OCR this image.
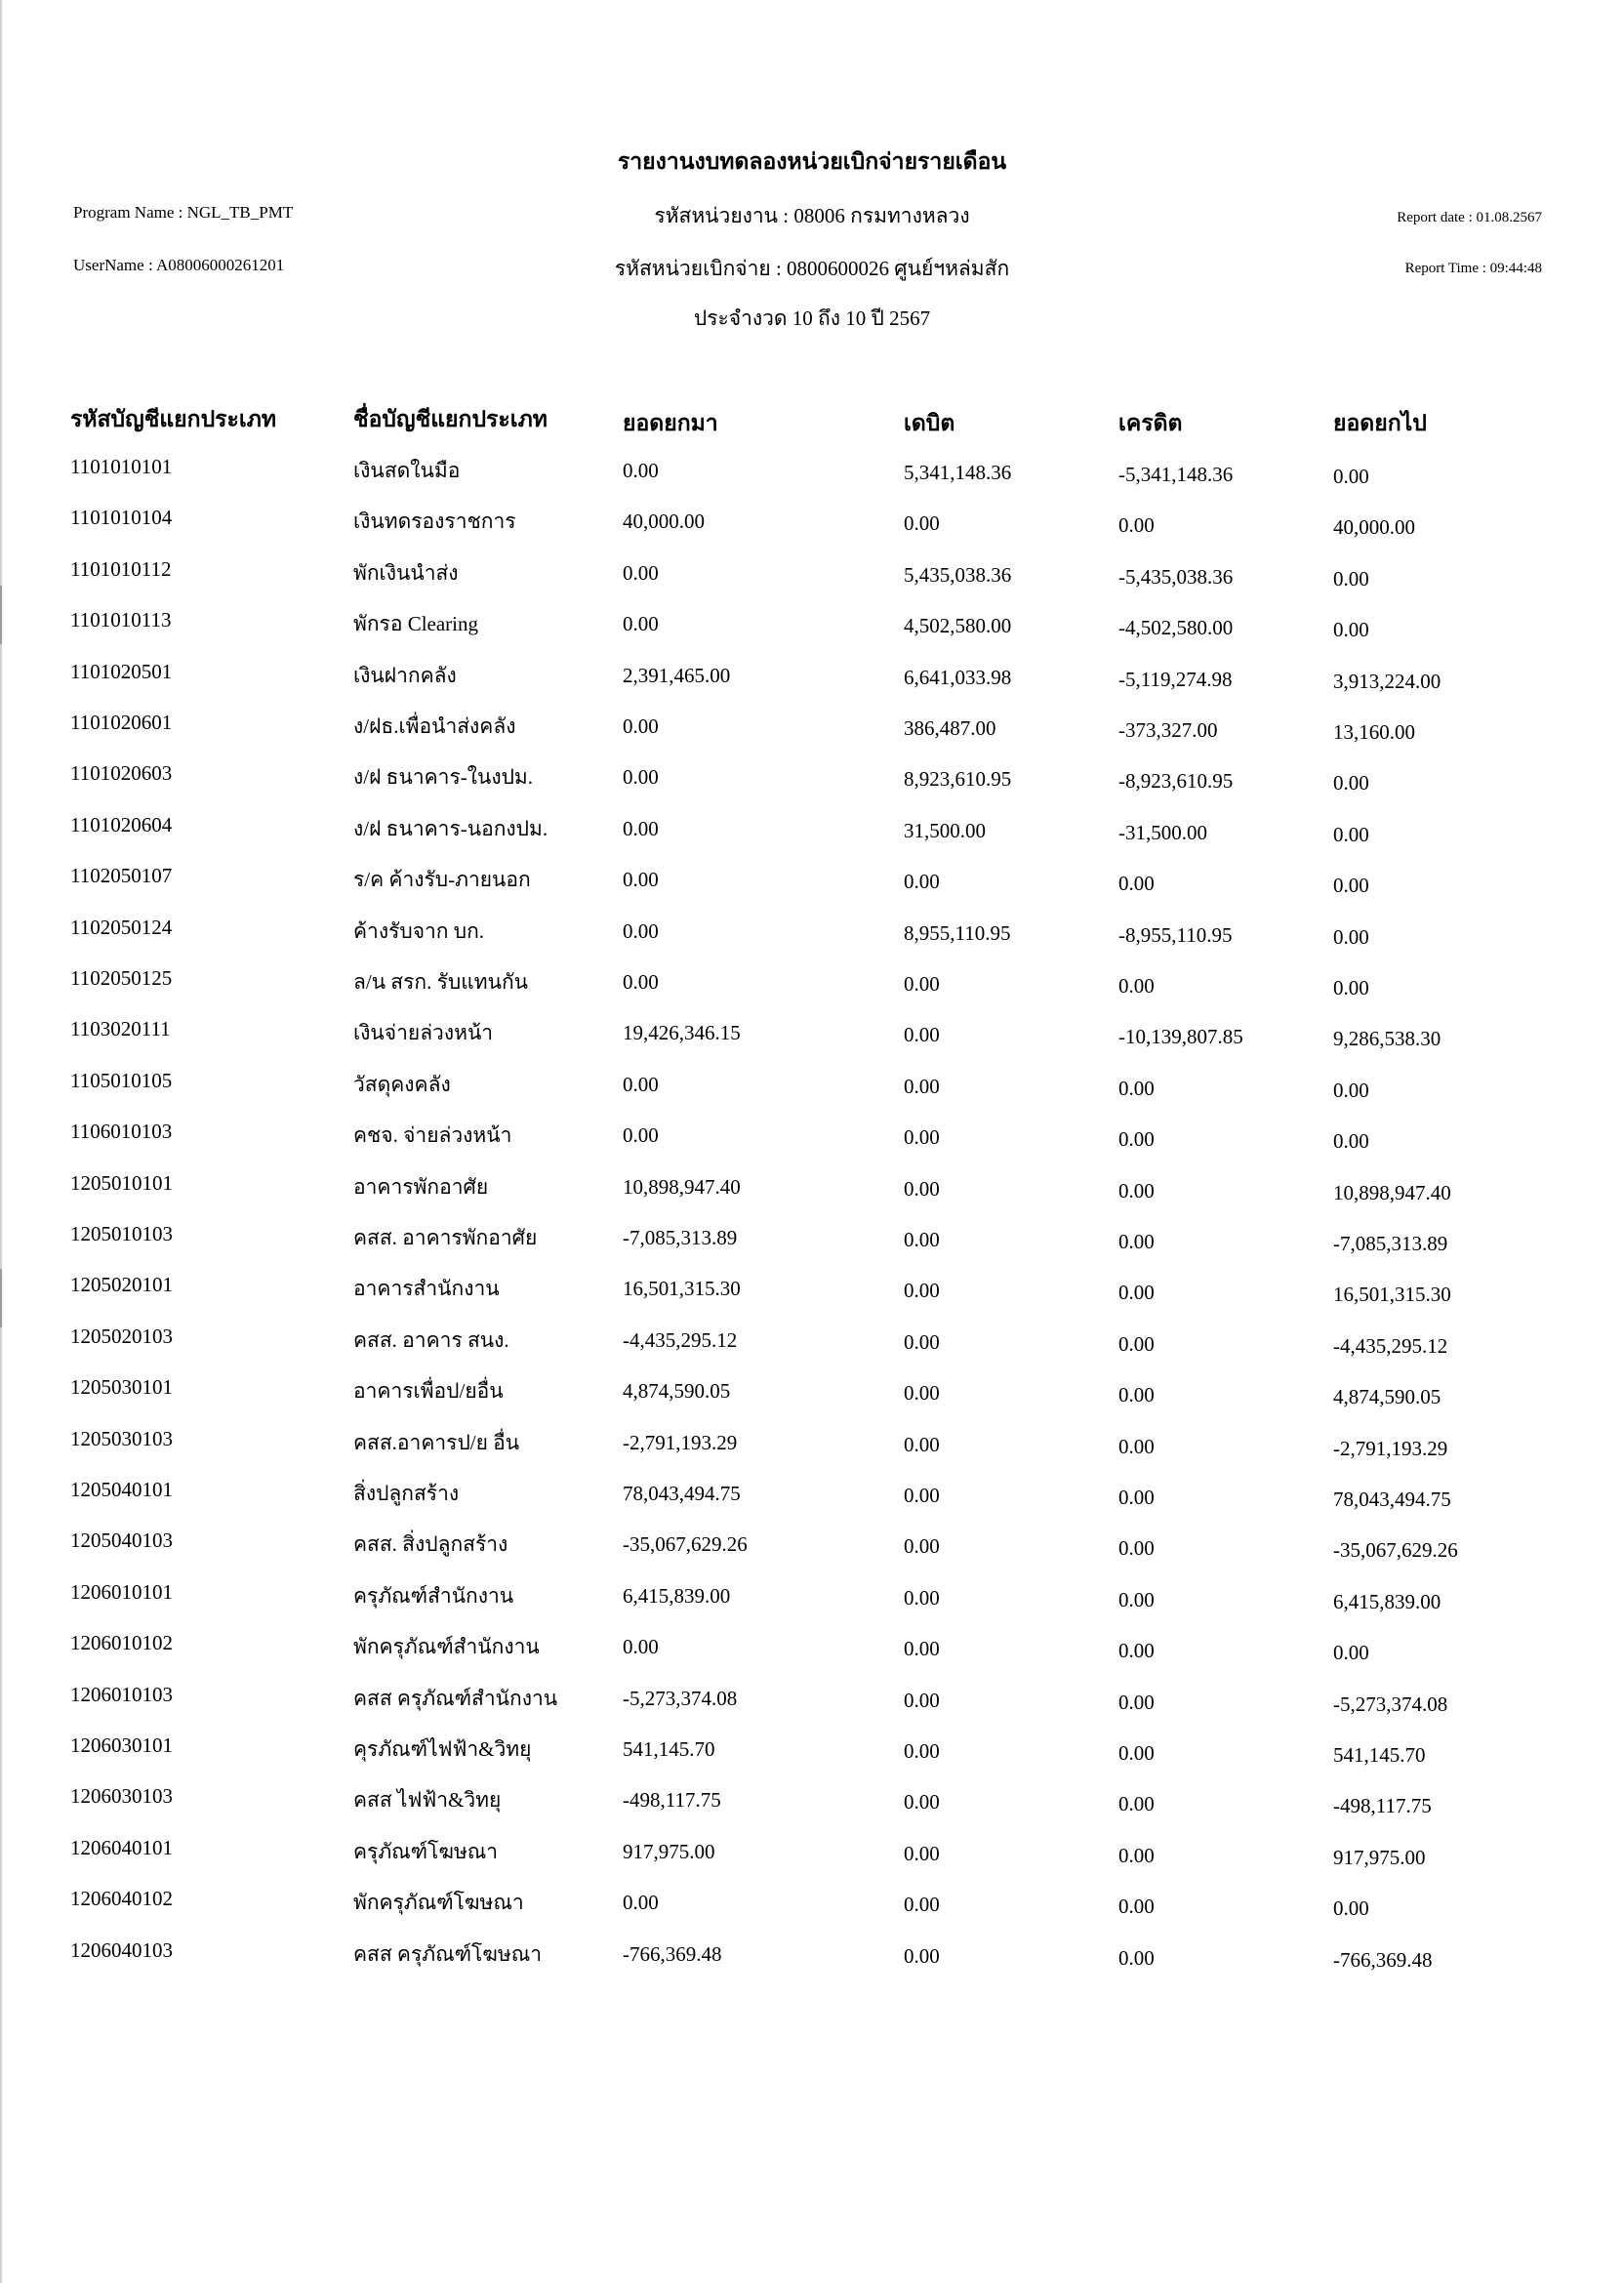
รายงานงบทดลองหน่วยเบิกจ่ายรายเดือน
Program Name : NGL_TB_PMT	รหัสหน่วยงาน : 08006 กรมทางหลวง	Report date : 01.08.2567
UserName : A08006000261201	รหัสหน่วยเบิกจ่าย : 0800600026 ศูนย์ฯหล่มสัก	Report Time : 09:44:48
ประจำงวด 10 ถึง 10 ปี 2567
รหัสบัญชีแยกประเภท	ชื่อบัญชีแยกประเภท	ยอดยกมา	เดบิต	เครดิต	ยอดยกไป
1101010101	เงินสดในมือ	0.00	5,341,148.36	-5,341,148.36	0.00
1101010104	เงินทดรองราชการ	40,000.00	0.00	0.00	40,000.00
1101010112	พักเงินนำส่ง	0.00	5,435,038.36	-5,435,038.36	0.00
1101010113	พักรอ Clearing	0.00	4,502,580.00	-4,502,580.00	0.00
1101020501	เงินฝากคลัง	2,391,465.00	6,641,033.98	-5,119,274.98	3,913,224.00
1101020601	ง/ฝธ.เพื่อนำส่งคลัง	0.00	386,487.00	-373,327.00	13,160.00
1101020603	ง/ฝ ธนาคาร-ในงปม.	0.00	8,923,610.95	-8,923,610.95	0.00
1101020604	ง/ฝ ธนาคาร-นอกงปม.	0.00	31,500.00	-31,500.00	0.00
1102050107	ร/ค ค้างรับ-ภายนอก	0.00	0.00	0.00	0.00
1102050124	ค้างรับจาก บก.	0.00	8,955,110.95	-8,955,110.95	0.00
1102050125	ล/น สรก. รับแทนกัน	0.00	0.00	0.00	0.00
1103020111	เงินจ่ายล่วงหน้า	19,426,346.15	0.00	-10,139,807.85	9,286,538.30
1105010105	วัสดุคงคลัง	0.00	0.00	0.00	0.00
1106010103	คชจ. จ่ายล่วงหน้า	0.00	0.00	0.00	0.00
1205010101	อาคารพักอาศัย	10,898,947.40	0.00	0.00	10,898,947.40
1205010103	คสส. อาคารพักอาศัย	-7,085,313.89	0.00	0.00	-7,085,313.89
1205020101	อาคารสำนักงาน	16,501,315.30	0.00	0.00	16,501,315.30
1205020103	คสส. อาคาร สนง.	-4,435,295.12	0.00	0.00	-4,435,295.12
1205030101	อาคารเพื่อป/ยอื่น	4,874,590.05	0.00	0.00	4,874,590.05
1205030103	คสส.อาคารป/ย อื่น	-2,791,193.29	0.00	0.00	-2,791,193.29
1205040101	สิ่งปลูกสร้าง	78,043,494.75	0.00	0.00	78,043,494.75
1205040103	คสส. สิ่งปลูกสร้าง	-35,067,629.26	0.00	0.00	-35,067,629.26
1206010101	ครุภัณฑ์สำนักงาน	6,415,839.00	0.00	0.00	6,415,839.00
1206010102	พักครุภัณฑ์สำนักงาน	0.00	0.00	0.00	0.00
1206010103	คสส ครุภัณฑ์สำนักงาน	-5,273,374.08	0.00	0.00	-5,273,374.08
1206030101	คุรภัณฑ์ไฟฟ้า&วิทยุ	541,145.70	0.00	0.00	541,145.70
1206030103	คสส ไฟฟ้า&วิทยุ	-498,117.75	0.00	0.00	-498,117.75
1206040101	ครุภัณฑ์โฆษณา	917,975.00	0.00	0.00	917,975.00
1206040102	พักครุภัณฑ์โฆษณา	0.00	0.00	0.00	0.00
1206040103	คสส ครุภัณฑ์โฆษณา	-766,369.48	0.00	0.00	-766,369.48
